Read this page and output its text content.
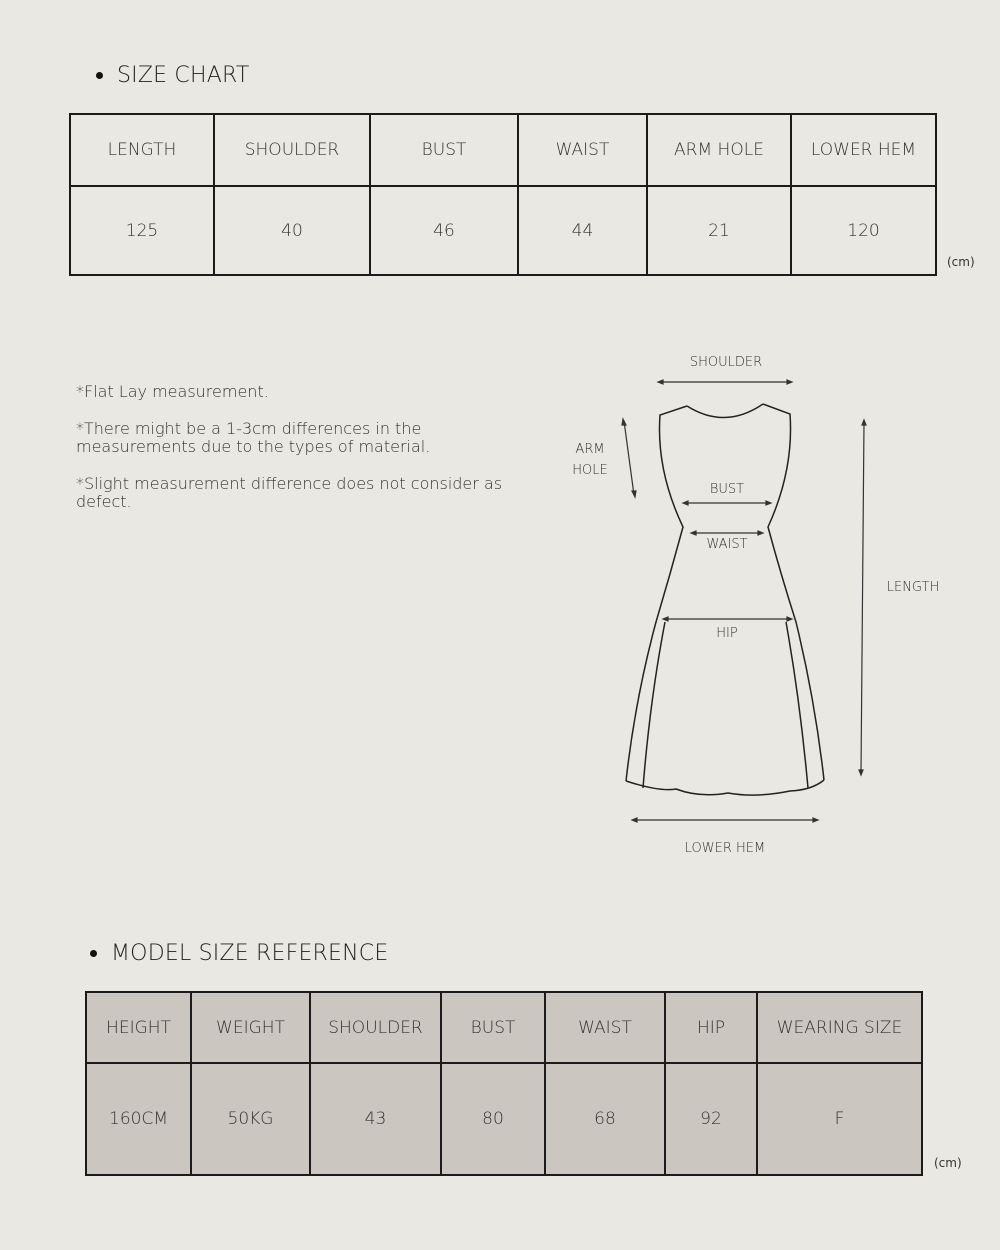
SIZE CHART
LENGTH	SHOULDER	BUST	WAIST	ARM HOLE	LOWER HEM
125	40	46	44	21	120
(cm)

*Flat Lay measurement.

*There might be a 1-3cm differences in the measurements due to the types of material.

*Slight measurement difference does not consider as defect.

SHOULDER
ARM
HOLE
BUST
WAIST
HIP
LENGTH
LOWER HEM
MODEL SIZE REFERENCE
HEIGHT	WEIGHT	SHOULDER	BUST	WAIST	HIP	WEARING SIZE
160CM	50KG	43	80	68	92	F
(cm)
